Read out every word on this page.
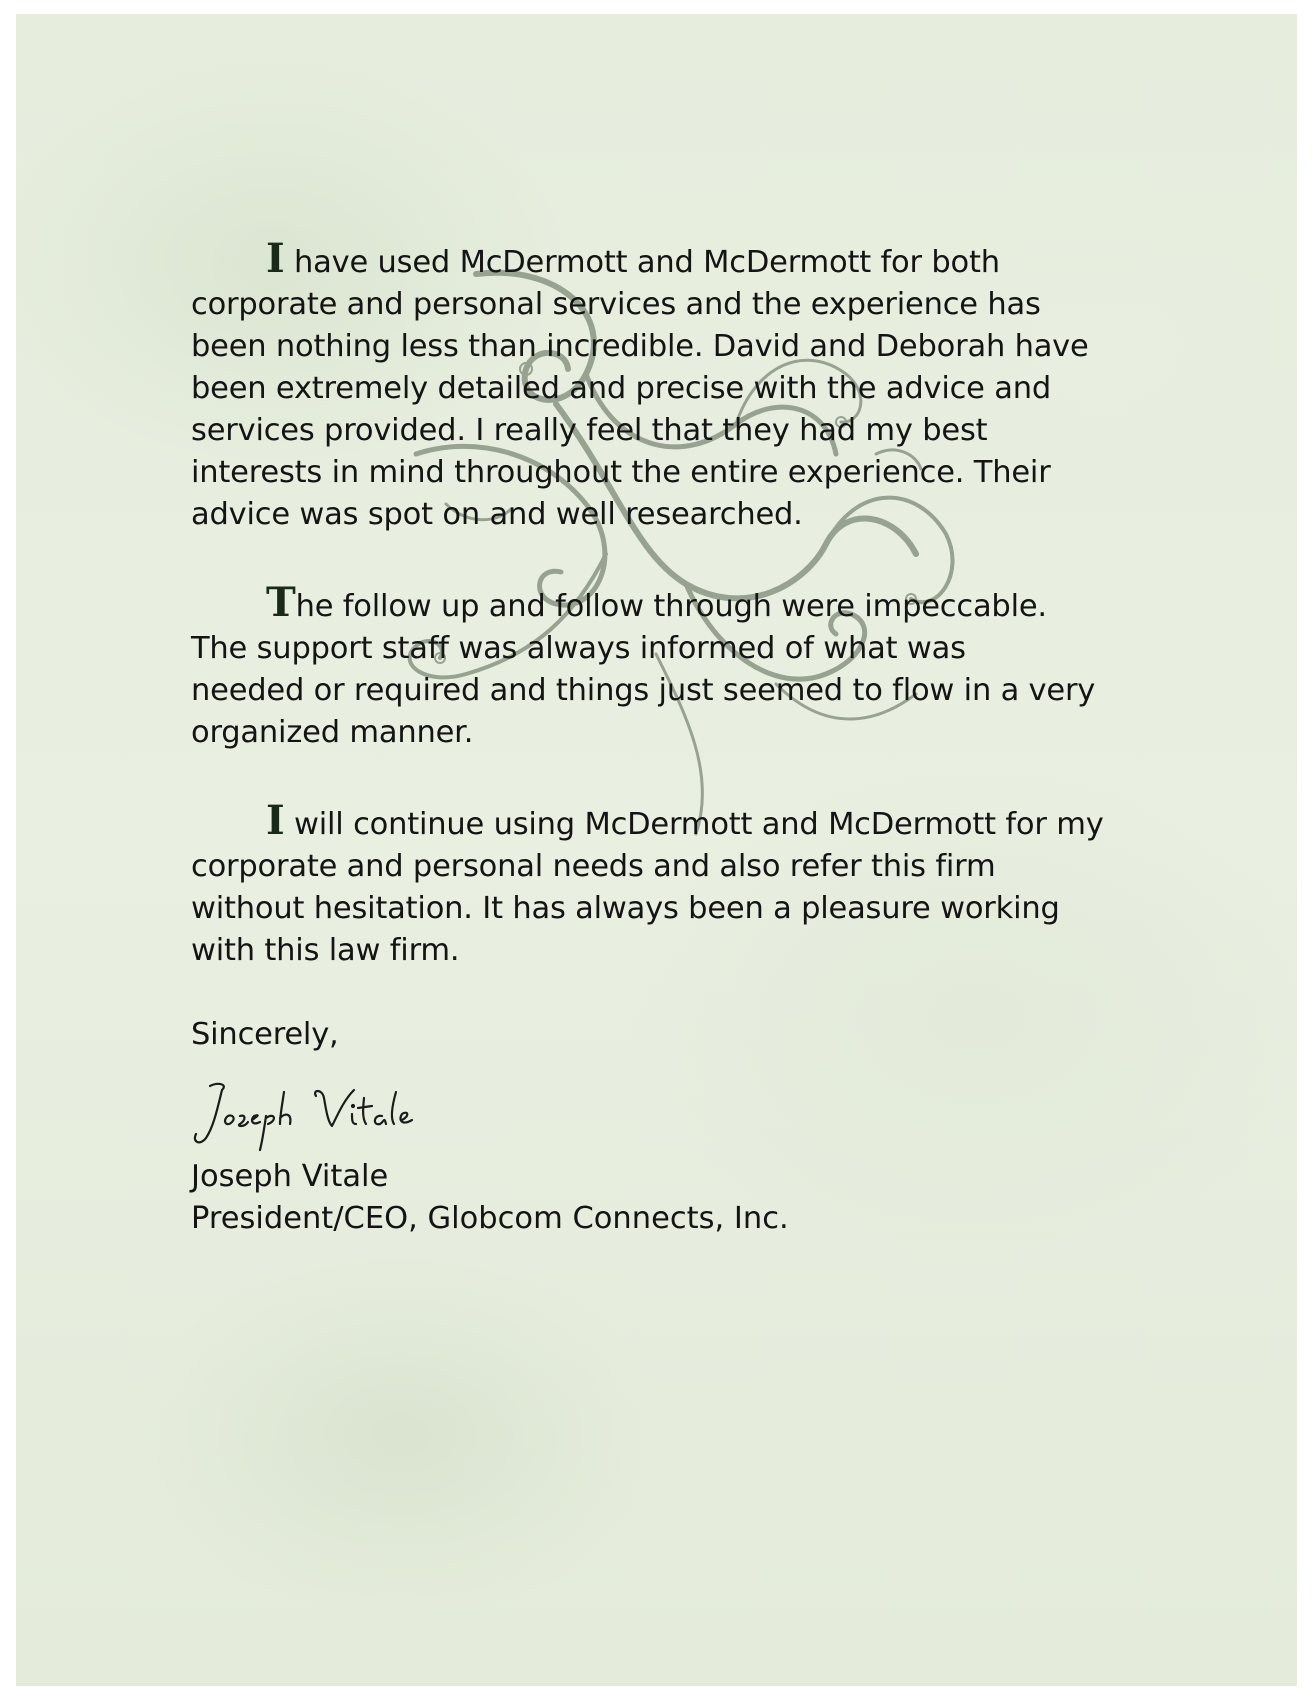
I have used McDermott and McDermott for both
corporate and personal services and the experience has
been nothing less than incredible. David and Deborah have
been extremely detailed and precise with the advice and
services provided. I really feel that they had my best
interests in mind throughout the entire experience. Their
advice was spot on and well researched.

The follow up and follow through were impeccable.
The support staff was always informed of what was
needed or required and things just seemed to flow in a very
organized manner.

I will continue using McDermott and McDermott for my
corporate and personal needs and also refer this firm
without hesitation. It has always been a pleasure working
with this law firm.

Sincerely,
Joseph Vitale
President/CEO, Globcom Connects, Inc.
